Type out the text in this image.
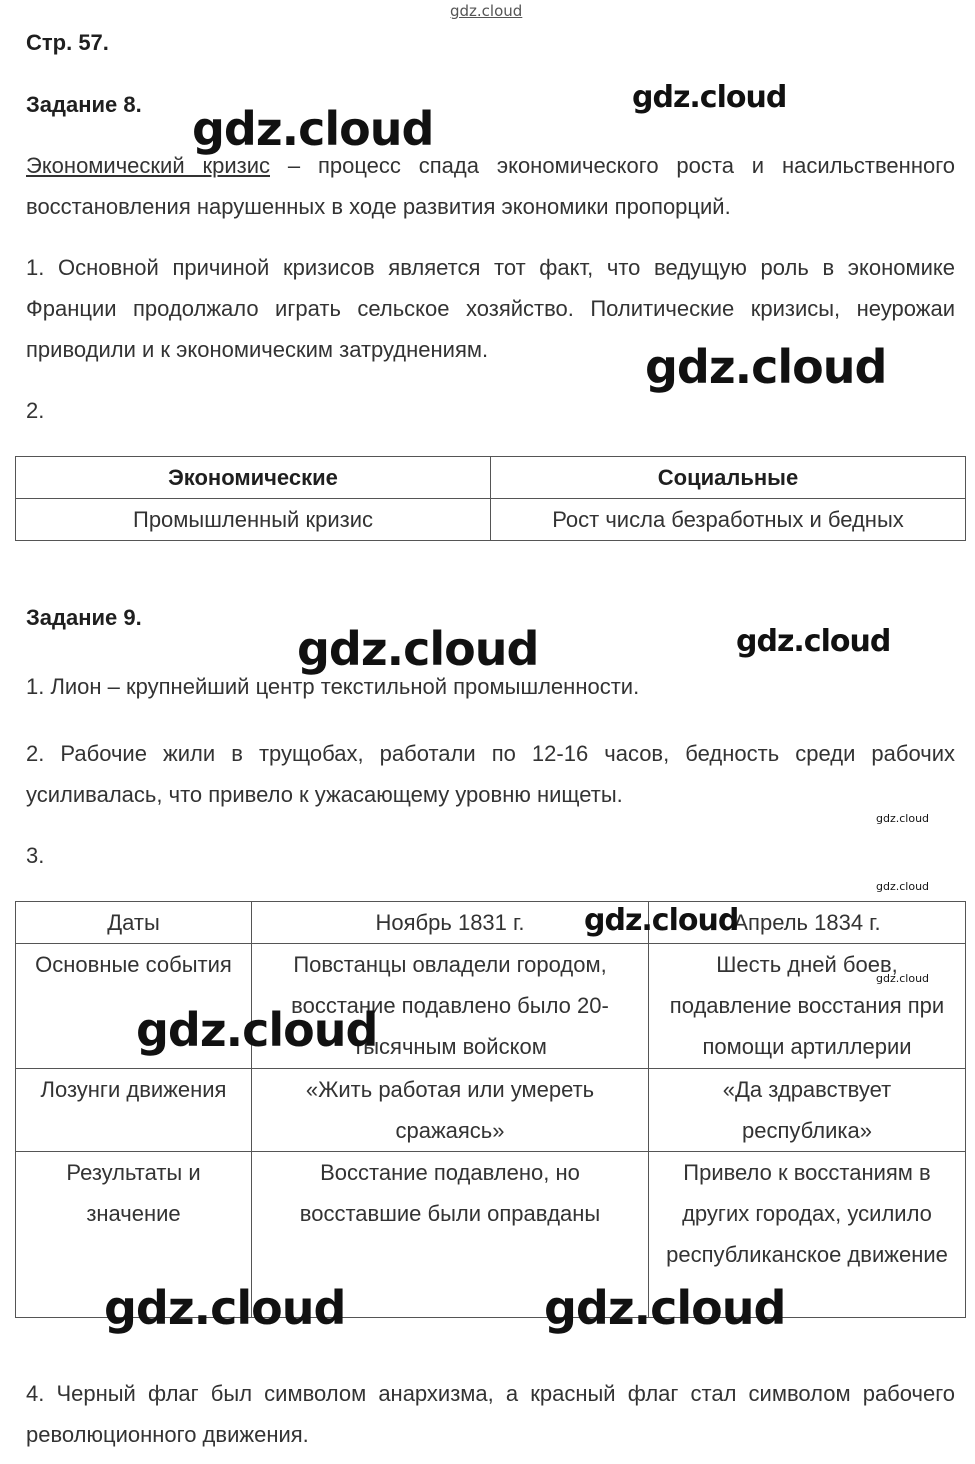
gdz.cloud
Стр. 57.
Задание 8.
Экономический кризис – процесс спада экономического роста и насильственного восстановления нарушенных в ходе развития экономики пропорций.
1. Основной причиной кризисов является тот факт, что ведущую роль в экономике Франции продолжало играть сельское хозяйство. Политические кризисы, неурожаи приводили и к экономическим затруднениям.
2.
Экономические	Социальные
Промышленный кризис	Рост числа безработных и бедных
Задание 9.
1. Лион – крупнейший центр текстильной промышленности.
2. Рабочие жили в трущобах, работали по 12-16 часов, бедность среди рабочих усиливалась, что привело к ужасающему уровню нищеты.
3.
Даты	Ноябрь 1831 г.	Апрель 1834 г.
Основные события	Повстанцы овладели городом, восстание подавлено было 20-тысячным войском	Шесть дней боев, подавление восстания при помощи артиллерии
Лозунги движения	«Жить работая или умереть сражаясь»	«Да здравствует республика»
Результаты и значение	Восстание подавлено, но восставшие были оправданы	Привело к восстаниям в других городах, усилило республиканское движение
4. Черный флаг был символом анархизма, а красный флаг стал символом рабочего революционного движения.
gdz.cloud
gdz.cloud
gdz.cloud
gdz.cloud	gdz.cloud
gdz.cloud
gdz.cloud
gdz.cloud
gdz.cloud
gdz.cloud
gdz.cloud	gdz.cloud
